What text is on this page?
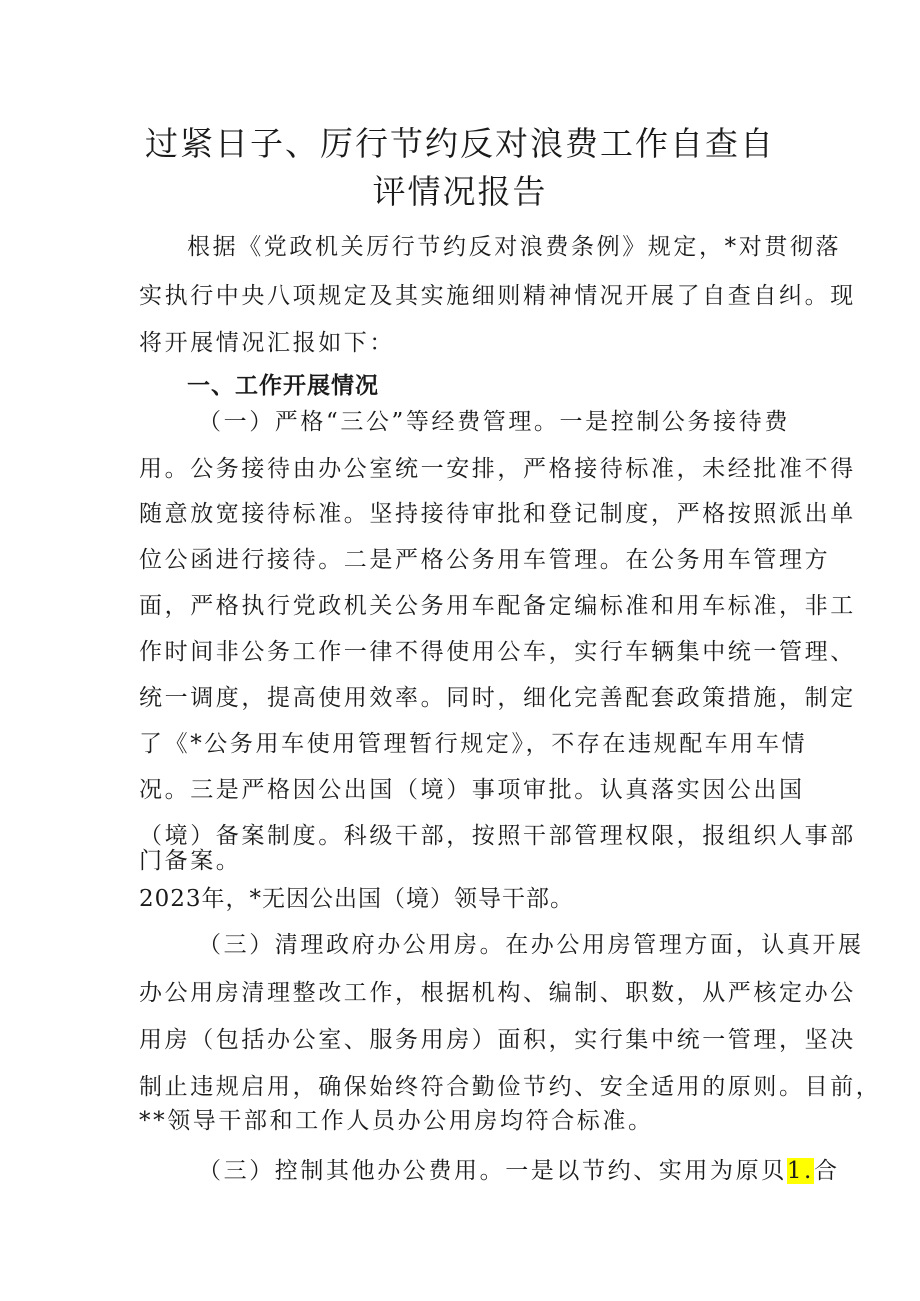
过紧日子、厉行节约反对浪费工作自查自
评情况报告

根据《党政机关厉行节约反对浪费条例》规定，*对贯彻落

实执行中央八项规定及其实施细则精神情况开展了自查自纠。现

将开展情况汇报如下：

一、工作开展情况

（一）严格“三公”等经费管理。一是控制公务接待费

用。公务接待由办公室统一安排，严格接待标准，未经批准不得

随意放宽接待标准。坚持接待审批和登记制度，严格按照派出单

位公函进行接待。二是严格公务用车管理。在公务用车管理方

面，严格执行党政机关公务用车配备定编标准和用车标准，非工

作时间非公务工作一律不得使用公车，实行车辆集中统一管理、

统一调度，提高使用效率。同时，细化完善配套政策措施，制定

了《*公务用车使用管理暂行规定》，不存在违规配车用车情

况。三是严格因公出国（境）事项审批。认真落实因公出国

（境）备案制度。科级干部，按照干部管理权限，报组织人事部

门备案。

2023年，*无因公出国（境）领导干部。

（三）清理政府办公用房。在办公用房管理方面，认真开展

办公用房清理整改工作，根据机构、编制、职数，从严核定办公

用房（包括办公室、服务用房）面积，实行集中统一管理，坚决

制止违规启用，确保始终符合勤俭节约、安全适用的原则。目前，

**领导干部和工作人员办公用房均符合标准。

（三）控制其他办公费用。一是以节约、实用为原贝1.合
